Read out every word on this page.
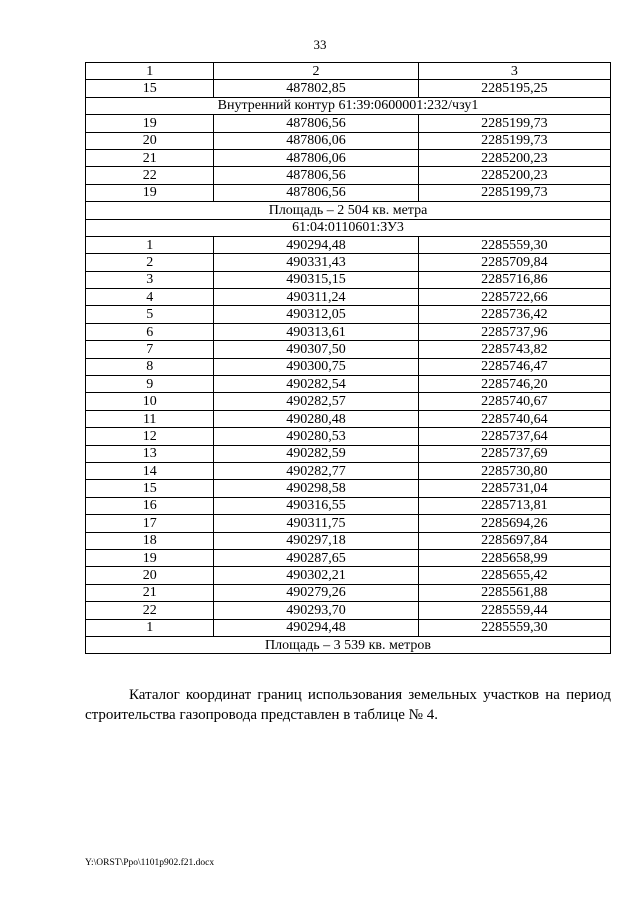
33
1	2	3
15	487802,85	2285195,25
Внутренний контур 61:39:0600001:232/чзу1		
19	487806,56	2285199,73
20	487806,06	2285199,73
21	487806,06	2285200,23
22	487806,56	2285200,23
19	487806,56	2285199,73
Площадь – 2 504 кв. метра		
61:04:0110601:ЗУ3		
1	490294,48	2285559,30
2	490331,43	2285709,84
3	490315,15	2285716,86
4	490311,24	2285722,66
5	490312,05	2285736,42
6	490313,61	2285737,96
7	490307,50	2285743,82
8	490300,75	2285746,47
9	490282,54	2285746,20
10	490282,57	2285740,67
11	490280,48	2285740,64
12	490280,53	2285737,64
13	490282,59	2285737,69
14	490282,77	2285730,80
15	490298,58	2285731,04
16	490316,55	2285713,81
17	490311,75	2285694,26
18	490297,18	2285697,84
19	490287,65	2285658,99
20	490302,21	2285655,42
21	490279,26	2285561,88
22	490293,70	2285559,44
1	490294,48	2285559,30
Площадь – 3 539 кв. метров		

Каталог координат границ использования земельных участков на период строительства газопровода представлен в таблице № 4.

Y:\ORST\Ppo\1101p902.f21.docx
